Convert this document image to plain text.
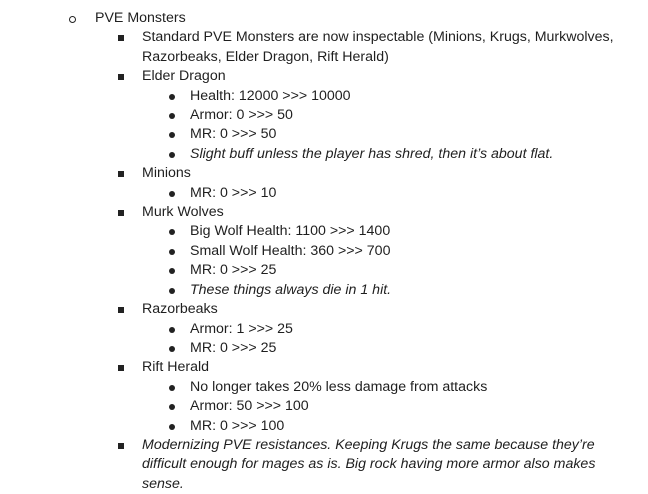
PVE Monsters
Standard PVE Monsters are now inspectable (Minions, Krugs, Murkwolves, Razorbeaks, Elder Dragon, Rift Herald)
Elder Dragon
Health: 12000 >>> 10000
Armor: 0 >>> 50
MR: 0 >>> 50
Slight buff unless the player has shred, then it’s about flat.
Minions
MR: 0 >>> 10
Murk Wolves
Big Wolf Health: 1100 >>> 1400
Small Wolf Health: 360 >>> 700
MR: 0 >>> 25
These things always die in 1 hit.
Razorbeaks
Armor: 1 >>> 25
MR: 0 >>> 25
Rift Herald
No longer takes 20% less damage from attacks
Armor: 50 >>> 100
MR: 0 >>> 100
Modernizing PVE resistances. Keeping Krugs the same because they’re difficult enough for mages as is. Big rock having more armor also makes sense.
